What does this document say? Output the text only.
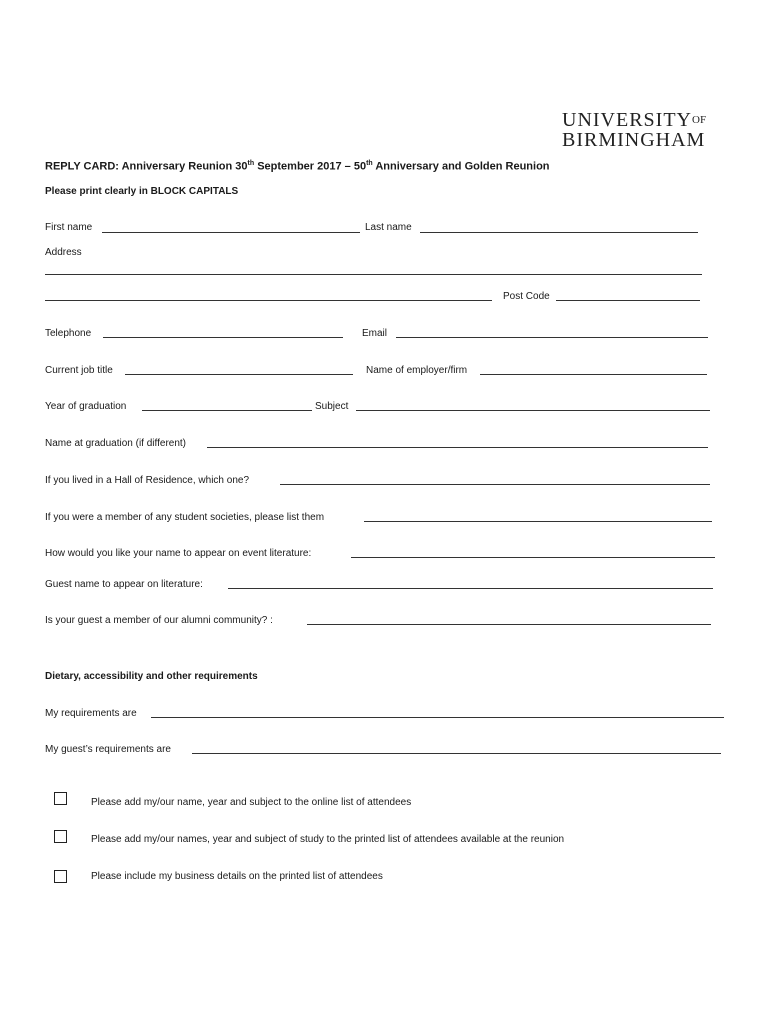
$UNIVERSITY^{OF}$
BIRMINGHAM
REPLY CARD: Anniversary Reunion 30th September 2017 – 50th Anniversary and Golden Reunion
Please print clearly in BLOCK CAPITALS
First name	Last name
Address
Post Code
Telephone	Email
Current job title	Name of employer/firm
Year of graduation	Subject
Name at graduation (if different)
If you lived in a Hall of Residence, which one?
If you were a member of any student societies, please list them
How would you like your name to appear on event literature:
Guest name to appear on literature:
Is your guest a member of our alumni community? :
Dietary, accessibility and other requirements
My requirements are
My guest’s requirements are
Please add my/our name, year and subject to the online list of attendees
Please add my/our names, year and subject of study to the printed list of attendees available at the reunion
Please include my business details on the printed list of attendees
